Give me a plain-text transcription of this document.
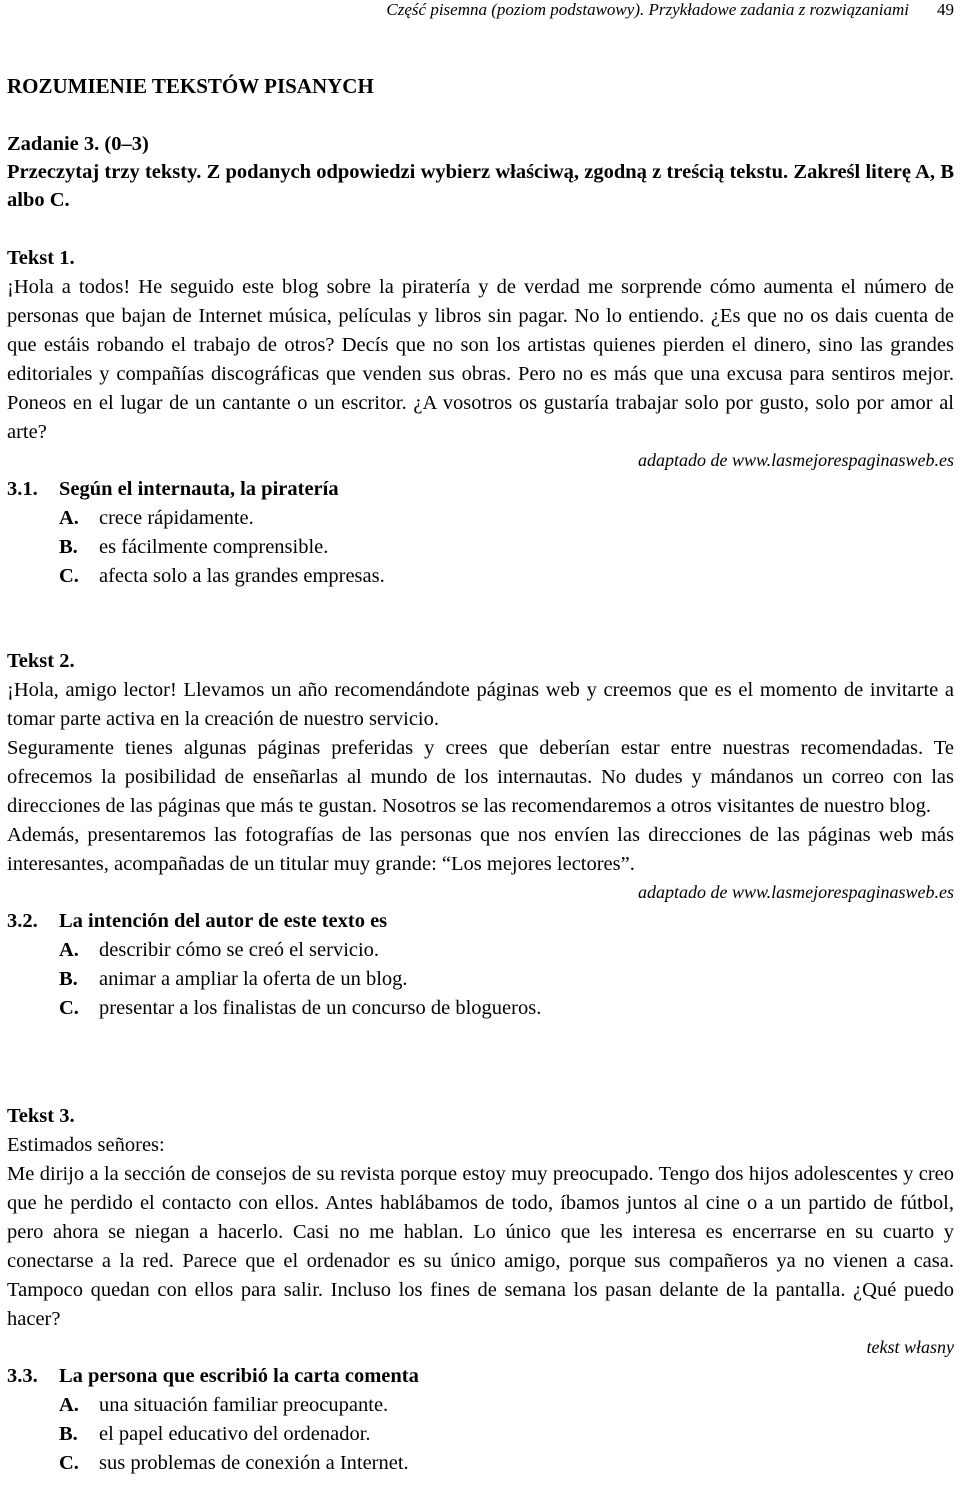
Część pisemna (poziom podstawowy). Przykładowe zadania z rozwiązaniami 49
ROZUMIENIE TEKSTÓW PISANYCH
Zadanie 3. (0–3)
Przeczytaj trzy teksty. Z podanych odpowiedzi wybierz właściwą, zgodną z treścią tekstu. Zakreśl literę A, B albo C.
Tekst 1.

¡Hola a todos! He seguido este blog sobre la piratería y de verdad me sorprende cómo aumenta el número de personas que bajan de Internet música, películas y libros sin pagar. No lo entiendo. ¿Es que no os dais cuenta de que estáis robando el trabajo de otros? Decís que no son los artistas quienes pierden el dinero, sino las grandes editoriales y compañías discográficas que venden sus obras. Pero no es más que una excusa para sentiros mejor. Poneos en el lugar de un cantante o un escritor. ¿A vosotros os gustaría trabajar solo por gusto, solo por amor al arte?

adaptado de www.lasmejorespaginasweb.es
3.1.	Según el internauta, la piratería
A. crece rápidamente.
B.	es fácilmente comprensible.
C. afecta solo a las grandes empresas.
Tekst 2.

¡Hola, amigo lector! Llevamos un año recomendándote páginas web y creemos que es el momento de invitarte a tomar parte activa en la creación de nuestro servicio.

Seguramente tienes algunas páginas preferidas y crees que deberían estar entre nuestras recomendadas. Te ofrecemos la posibilidad de enseñarlas al mundo de los internautas. No dudes y mándanos un correo con las direcciones de las páginas que más te gustan. Nosotros se las recomendaremos a otros visitantes de nuestro blog.

Además, presentaremos las fotografías de las personas que nos envíen las direcciones de las páginas web más interesantes, acompañadas de un titular muy grande: “Los mejores lectores”.

adaptado de www.lasmejorespaginasweb.es
3.2.	La intención del autor de este texto es
A. describir cómo se creó el servicio.
B.	animar a ampliar la oferta de un blog.
C. presentar a los finalistas de un concurso de blogueros.
Tekst 3.

Estimados señores:

Me dirijo a la sección de consejos de su revista porque estoy muy preocupado. Tengo dos hijos adolescentes y creo que he perdido el contacto con ellos. Antes hablábamos de todo, íbamos juntos al cine o a un partido de fútbol, pero ahora se niegan a hacerlo. Casi no me hablan. Lo único que les interesa es encerrarse en su cuarto y conectarse a la red. Parece que el ordenador es su único amigo, porque sus compañeros ya no vienen a casa. Tampoco quedan con ellos para salir. Incluso los fines de semana los pasan delante de la pantalla. ¿Qué puedo hacer?

tekst własny
3.3.	La persona que escribió la carta comenta
A. una situación familiar preocupante.
B.	el papel educativo del ordenador.
C. sus problemas de conexión a Internet.
